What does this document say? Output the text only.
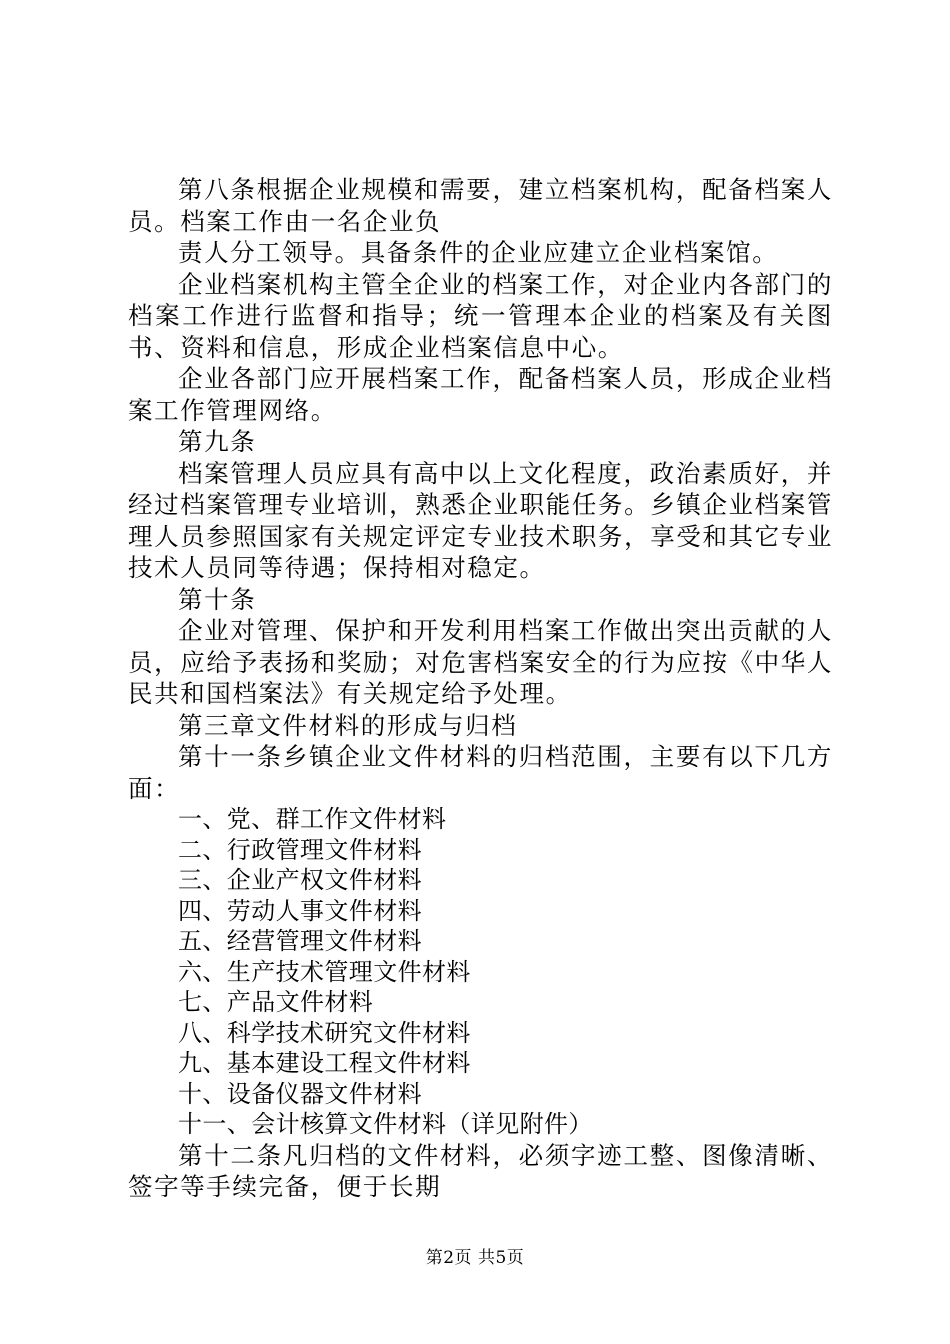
第八条根据企业规模和需要，建立档案机构，配备档案人员。档案工作由一名企业负

责人分工领导。具备条件的企业应建立企业档案馆。

企业档案机构主管全企业的档案工作，对企业内各部门的档案工作进行监督和指导；统一管理本企业的档案及有关图书、资料和信息，形成企业档案信息中心。

企业各部门应开展档案工作，配备档案人员，形成企业档案工作管理网络。

第九条

档案管理人员应具有高中以上文化程度，政治素质好，并经过档案管理专业培训，熟悉企业职能任务。乡镇企业档案管理人员参照国家有关规定评定专业技术职务，享受和其它专业技术人员同等待遇；保持相对稳定。

第十条

企业对管理、保护和开发利用档案工作做出突出贡献的人员，应给予表扬和奖励；对危害档案安全的行为应按《中华人民共和国档案法》有关规定给予处理。

第三章文件材料的形成与归档

第十一条乡镇企业文件材料的归档范围，主要有以下几方面：

一、党、群工作文件材料
二、行政管理文件材料
三、企业产权文件材料
四、劳动人事文件材料
五、经营管理文件材料
六、生产技术管理文件材料
七、产品文件材料
八、科学技术研究文件材料
九、基本建设工程文件材料
十、设备仪器文件材料
十一、会计核算文件材料（详见附件）

第十二条凡归档的文件材料，必须字迹工整、图像清晰、签字等手续完备，便于长期

第2页 共5页
